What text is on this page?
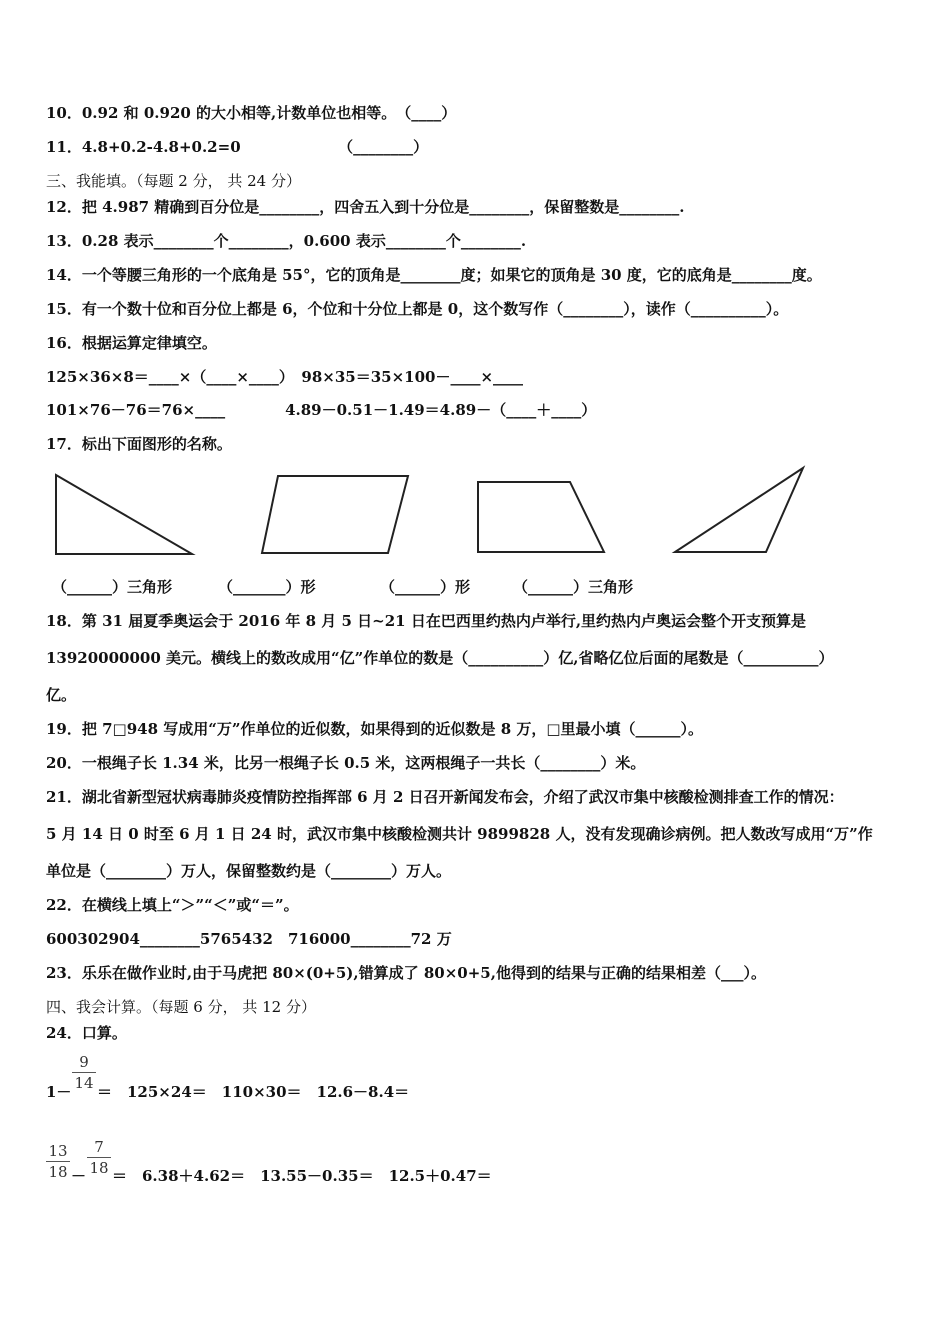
10．0.92 和 0.920 的大小相等,计数单位也相等。　（____）
11．4.8+0.2-4.8+0.2=0　　　　　　　（________）
三、我能填。（每题 2 分， 共 24 分）
12．把 4.987 精确到百分位是________，四舍五入到十分位是________，保留整数是________.
13．0.28 表示________个________，0.600 表示________个________.
14．一个等腰三角形的一个底角是 55°，它的顶角是________度；如果它的顶角是 30 度，它的底角是________度。
15．有一个数十位和百分位上都是 6，个位和十分位上都是 0，这个数写作（________），读作（__________）。
16．根据运算定律填空。
125×36×8＝____×（____×____）　98×35＝35×100－____×____
101×76－76＝76×____　　　　4.89－0.51－1.49＝4.89－（____＋____）
17．标出下面图形的名称。
（______）三角形	（_______）形	（______）形	（______）三角形
18．第 31 届夏季奥运会于 2016 年 8 月 5 日~21 日在巴西里约热内卢举行,里约热内卢奥运会整个开支预算是
13920000000 美元。横线上的数改成用“亿”作单位的数是（__________）亿,省略亿位后面的尾数是（__________）
亿。
19．把 7□948 写成用“万”作单位的近似数，如果得到的近似数是 8 万，□里最小填（______）。
20．一根绳子长 1.34 米，比另一根绳子长 0.5 米，这两根绳子一共长（________）米。
21．湖北省新型冠状病毒肺炎疫情防控指挥部 6 月 2 日召开新闻发布会，介绍了武汉市集中核酸检测排查工作的情况：
5 月 14 日 0 时至 6 月 1 日 24 时，武汉市集中核酸检测共计 9899828 人，没有发现确诊病例。把人数改写成用“万”作
单位是（________）万人，保留整数约是（________）万人。
22．在横线上填上“＞”“＜”或“＝”。
600302904________5765432　716000________72 万
23．乐乐在做作业时,由于马虎把 80×(0+5),错算成了 80×0+5,他得到的结果与正确的结果相差（___）。
四、我会计算。（每题 6 分， 共 12 分）
24．口算。
1－
9
14 ＝　125×24＝　110×30＝　12.6－8.4＝
13
18 －
7
18 ＝　6.38＋4.62＝　13.55－0.35＝　12.5＋0.47＝
